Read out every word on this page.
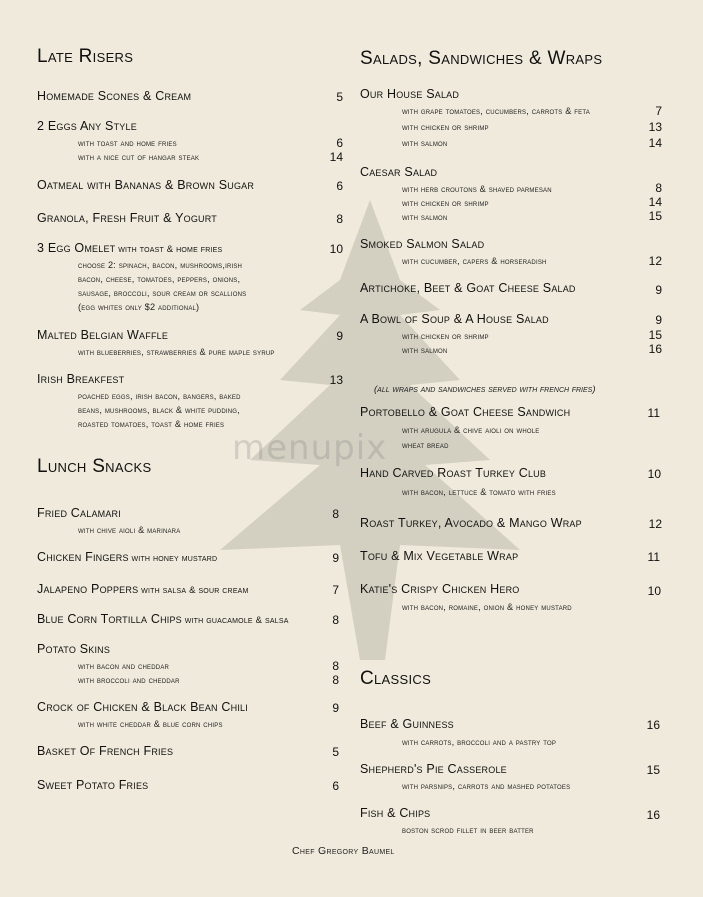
menupix
Late Risers
Homemade Scones & Cream	5
2 Eggs Any Style
with toast and home fries	6
with a nice cut of hangar steak	14
Oatmeal with Bananas & Brown Sugar	6
Granola, Fresh Fruit & Yogurt	8
3 Egg Omelet with toast & home fries	10
choose 2: spinach, bacon, mushrooms,irish
bacon, cheese, tomatoes, peppers, onions,
sausage, broccoli, sour cream or scallions
(egg whites only $2 additional)
Malted Belgian Waffle	9
with blueberries, strawberries & pure maple syrup
Irish Breakfest	13
poached eggs, irish bacon, bangers, baked
beans, mushrooms, black & white pudding,
roasted tomatoes, toast & home fries
Lunch Snacks
Fried Calamari	8
with chive aioli & marinara
Chicken Fingers with honey mustard	9
Jalapeno Poppers with salsa & sour cream	7
Blue Corn Tortilla Chips with guacamole & salsa	8
Potato Skins
with bacon and cheddar	8
with broccoli and cheddar	8
Crock of Chicken & Black Bean Chili	9
with white cheddar & blue corn chips
Basket Of French Fries	5
Sweet Potato Fries	6
Salads, Sandwiches & Wraps
Our House Salad
with grape tomatoes, cucumbers, carrots & feta	7
with chicken or shrimp	13
with salmon	14
Caesar Salad
with herb croutons & shaved parmesan	8
with chicken or shrimp	14
with salmon	15
Smoked Salmon Salad
with cucumber, capers & horseradish	12
Artichoke, Beet & Goat Cheese Salad	9
A Bowl of Soup & A House Salad	9
with chicken or shrimp	15
with salmon	16
(all wraps and sandwiches served with french fries)
Portobello & Goat Cheese Sandwich	11
with arugula & chive aioli on whole
wheat bread
Hand Carved Roast Turkey Club	10
with bacon, lettuce & tomato with fries
Roast Turkey, Avocado & Mango Wrap	12
Tofu & Mix Vegetable Wrap	11
Katie's Crispy Chicken Hero	10
with bacon, romaine, onion & honey mustard
Classics
Beef & Guinness	16
with carrots, broccoli and a pastry top
Shepherd's Pie Casserole	15
with parsnips, carrots and mashed potatoes
Fish & Chips	16
boston scrod fillet in beer batter
Chef Gregory Baumel
